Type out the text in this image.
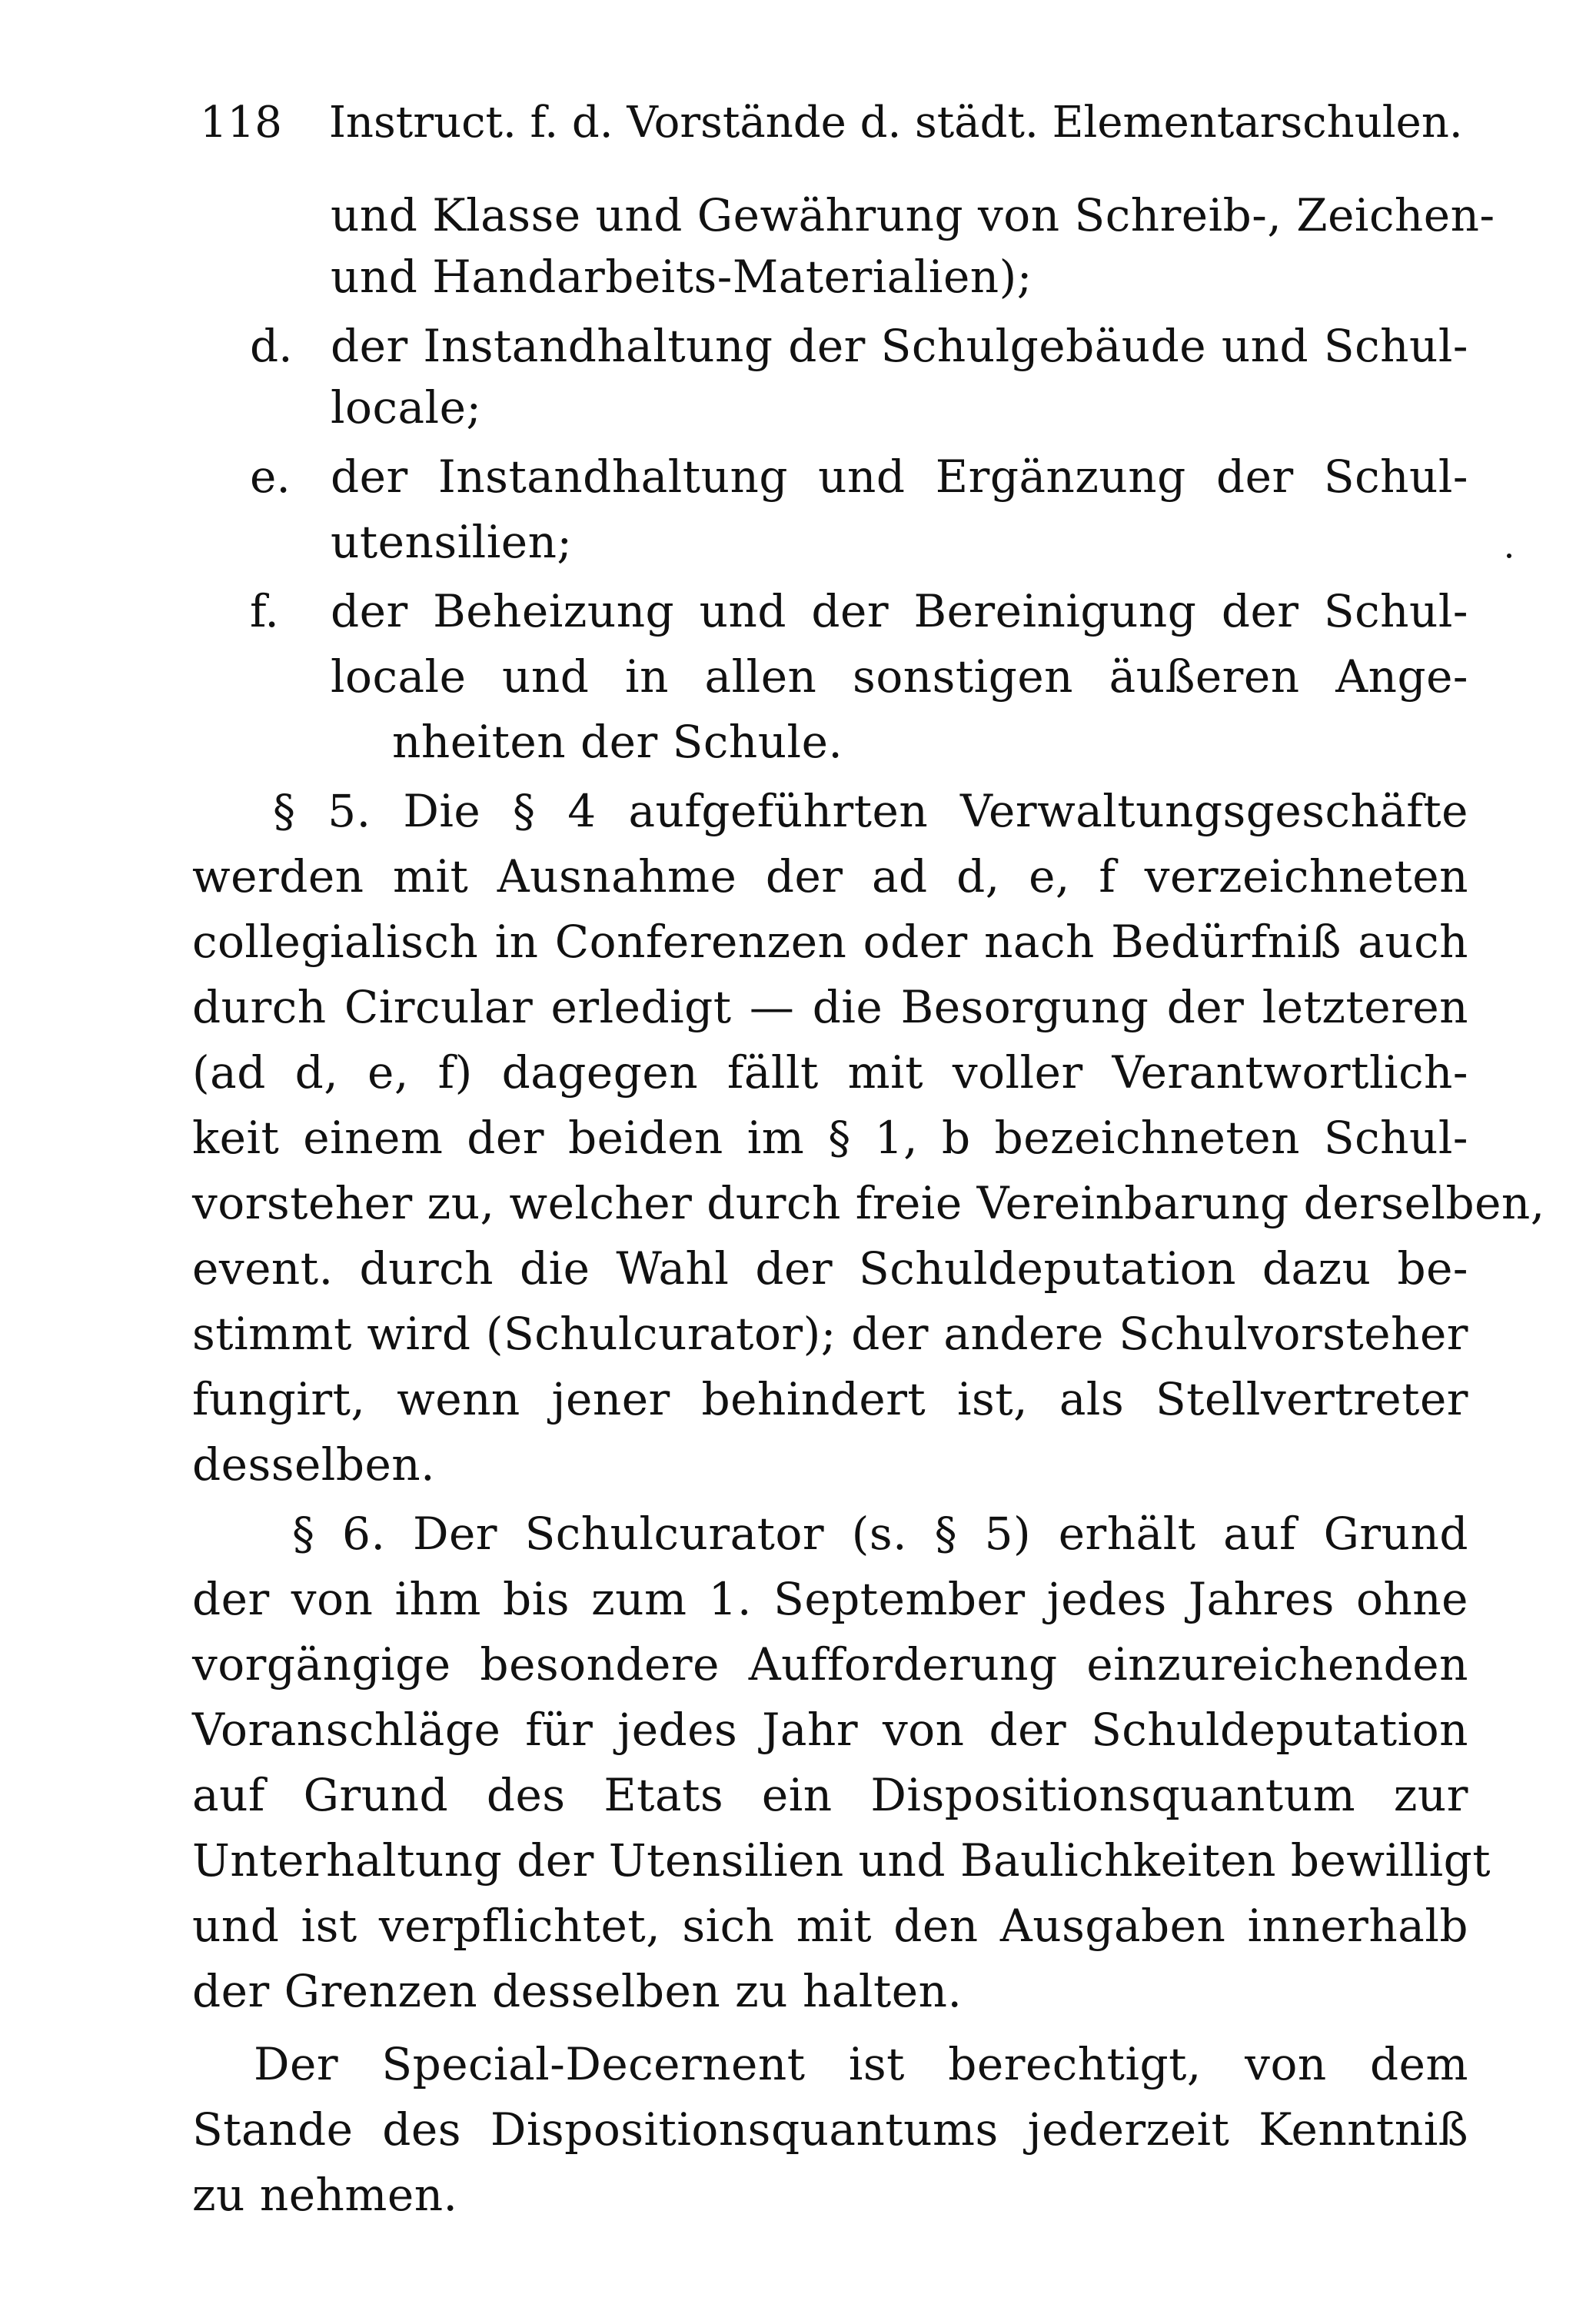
118 Instruct. f. d. Vorstände d. städt. Elementarschulen.
und Klasse und Gewährung von Schreib-, Zeichen-
und Handarbeits-Materialien);
d. der Instandhaltung der Schulgebäude und Schul-
locale;
e. der Instandhaltung und Ergänzung der Schul-
utensilien;
f. der Beheizung und der Bereinigung der Schul-
locale und in allen sonstigen äußeren Ange-
nheiten der Schule.
§ 5. Die § 4 aufgeführten Verwaltungsgeschäfte
werden mit Ausnahme der ad d, e, f verzeichneten
collegialisch in Conferenzen oder nach Bedürfniß auch
durch Circular erledigt — die Besorgung der letzteren
(ad d, e, f) dagegen fällt mit voller Verantwortlich-
keit einem der beiden im § 1, b bezeichneten Schul-
vorsteher zu, welcher durch freie Vereinbarung derselben,
event. durch die Wahl der Schuldeputation dazu be-
stimmt wird (Schulcurator); der andere Schulvorsteher
fungirt, wenn jener behindert ist, als Stellvertreter
desselben.
§ 6. Der Schulcurator (s. § 5) erhält auf Grund
der von ihm bis zum 1. September jedes Jahres ohne
vorgängige besondere Aufforderung einzureichenden
Voranschläge für jedes Jahr von der Schuldeputation
auf Grund des Etats ein Dispositionsquantum zur
Unterhaltung der Utensilien und Baulichkeiten bewilligt
und ist verpflichtet, sich mit den Ausgaben innerhalb
der Grenzen desselben zu halten.
Der Special-Decernent ist berechtigt, von dem
Stande des Dispositionsquantums jederzeit Kenntniß
zu nehmen.
